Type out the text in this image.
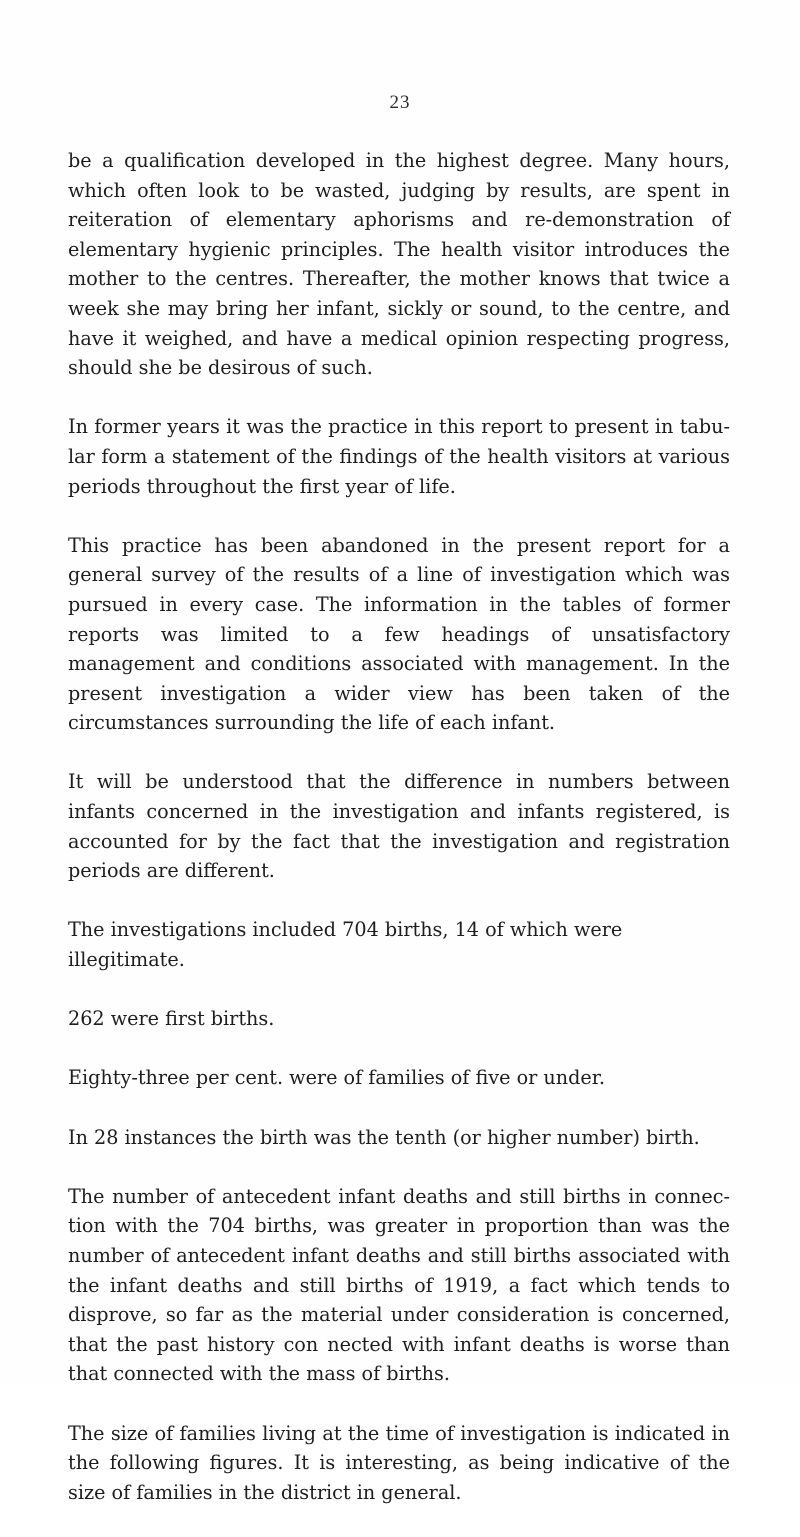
23

be a qualification developed in the highest degree. Many hours, which often look to be wasted, judging by results, are spent in reiteration of elementary aphorisms and re-demonstration of elementary hygienic principles. The health visitor introduces the mother to the centres. Thereafter, the mother knows that twice a week she may bring her infant, sickly or sound, to the centre, and have it weighed, and have a medical opinion respecting progress, should she be desirous of such.

In former years it was the practice in this report to present in tabu- lar form a statement of the findings of the health visitors at various periods throughout the first year of life.

This practice has been abandoned in the present report for a general survey of the results of a line of investigation which was pursued in every case. The information in the tables of former reports was limited to a few headings of unsatisfactory management and conditions associated with management. In the present investigation a wider view has been taken of the circumstances surrounding the life of each infant.

It will be understood that the difference in numbers between infants concerned in the investigation and infants registered, is accounted for by the fact that the investigation and registration periods are different.

The investigations included 704 births, 14 of which were illegitimate.

262 were first births.

Eighty-three per cent. were of families of five or under.

In 28 instances the birth was the tenth (or higher number) birth.

The number of antecedent infant deaths and still births in connec- tion with the 704 births, was greater in proportion than was the number of antecedent infant deaths and still births associated with the infant deaths and still births of 1919, a fact which tends to disprove, so far as the material under consideration is concerned, that the past history con nected with infant deaths is worse than that connected with the mass of births.

The size of families living at the time of investigation is indicated in the following figures. It is interesting, as being indicative of the size of families in the district in general.
